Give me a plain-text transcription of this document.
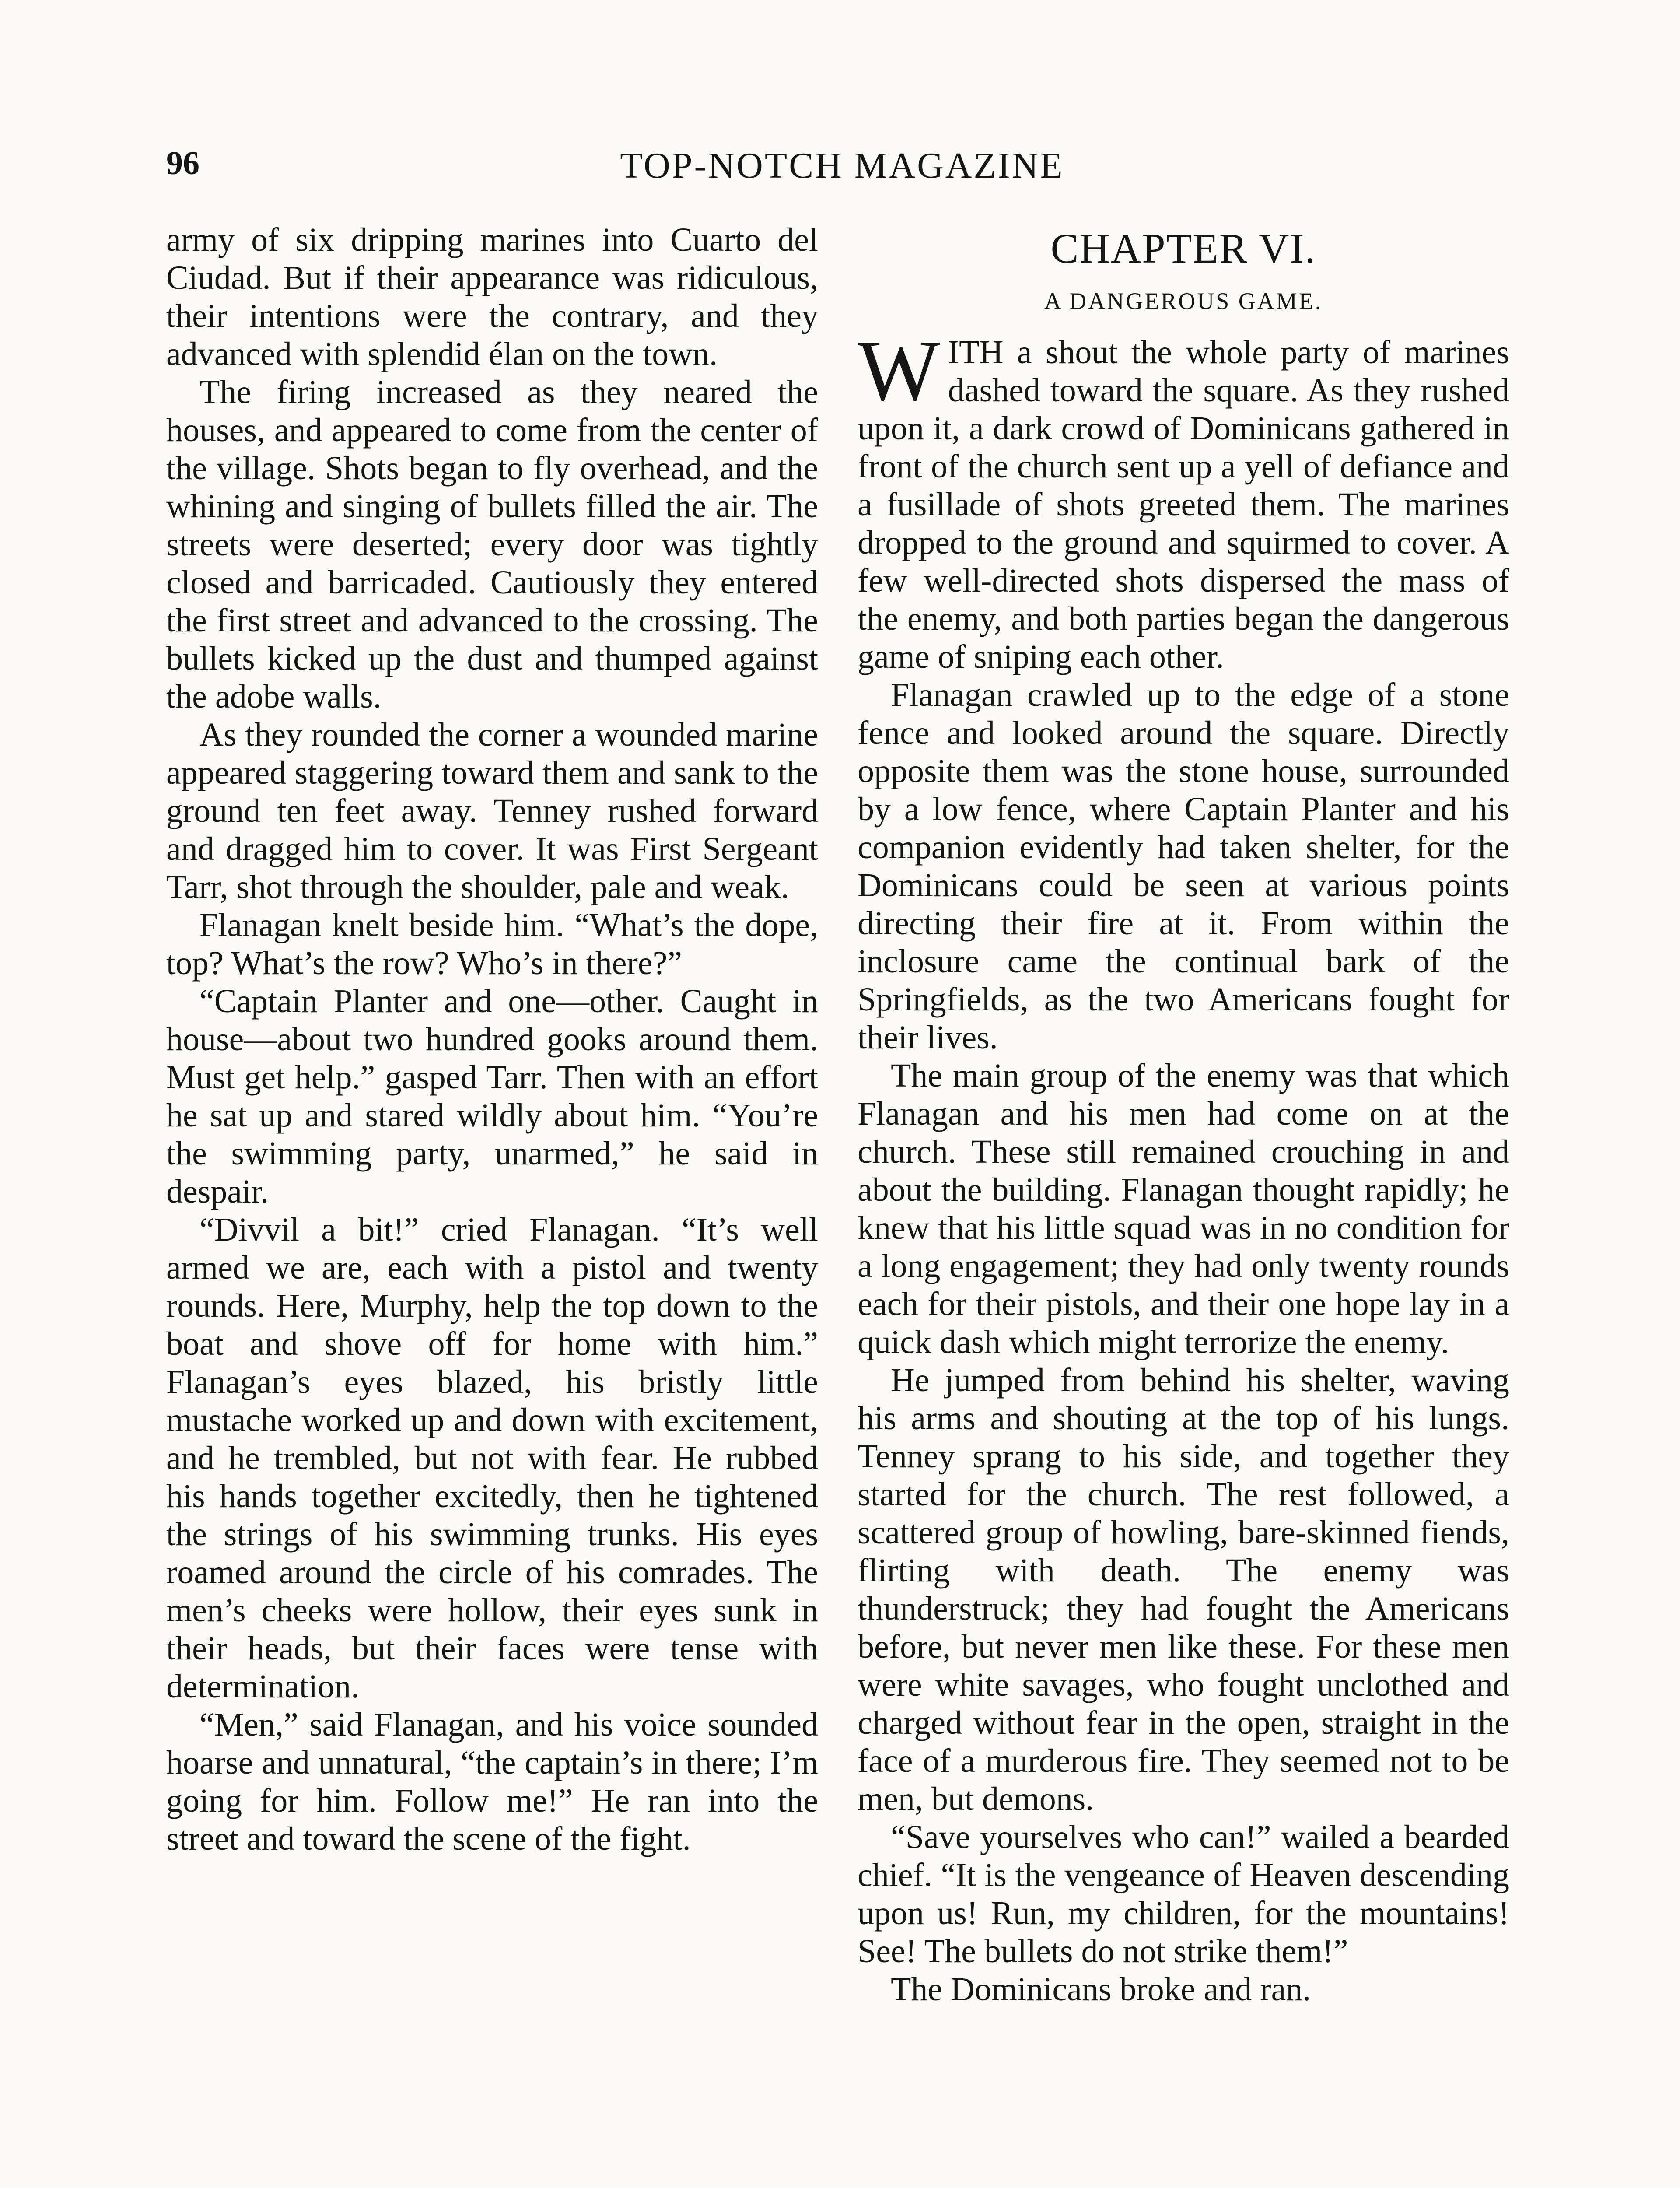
96	TOP-NOTCH MAGAZINE

army of six dripping marines into Cuarto del Ciudad. But if their appearance was ridiculous, their intentions were the contrary, and they advanced with splendid élan on the town.

The firing increased as they neared the houses, and appeared to come from the center of the village. Shots began to fly overhead, and the whining and singing of bullets filled the air. The streets were deserted; every door was tightly closed and barricaded. Cautiously they entered the first street and advanced to the crossing. The bullets kicked up the dust and thumped against the adobe walls.

As they rounded the corner a wounded marine appeared staggering toward them and sank to the ground ten feet away. Tenney rushed forward and dragged him to cover. It was First Sergeant Tarr, shot through the shoulder, pale and weak.

Flanagan knelt beside him. “What’s the dope, top? What’s the row? Who’s in there?”

“Captain Planter and one—other. Caught in house—about two hundred gooks around them. Must get help.” gasped Tarr. Then with an effort he sat up and stared wildly about him. “You’re the swimming party, unarmed,” he said in despair.

“Divvil a bit!” cried Flanagan. “It’s well armed we are, each with a pistol and twenty rounds. Here, Murphy, help the top down to the boat and shove off for home with him.” Flanagan’s eyes blazed, his bristly little mustache worked up and down with excitement, and he trembled, but not with fear. He rubbed his hands together excitedly, then he tightened the strings of his swimming trunks. His eyes roamed around the circle of his comrades. The men’s cheeks were hollow, their eyes sunk in their heads, but their faces were tense with determination.

“Men,” said Flanagan, and his voice sounded hoarse and unnatural, “the captain’s in there; I’m going for him. Follow me!” He ran into the street and toward the scene of the fight.

CHAPTER VI.
A DANGEROUS GAME.

WITH a shout the whole party of marines dashed toward the square. As they rushed upon it, a dark crowd of Dominicans gathered in front of the church sent up a yell of defiance and a fusillade of shots greeted them. The marines dropped to the ground and squirmed to cover. A few well-directed shots dispersed the mass of the enemy, and both parties began the dangerous game of sniping each other.

Flanagan crawled up to the edge of a stone fence and looked around the square. Directly opposite them was the stone house, surrounded by a low fence, where Captain Planter and his companion evidently had taken shelter, for the Dominicans could be seen at various points directing their fire at it. From within the inclosure came the continual bark of the Springfields, as the two Americans fought for their lives.

The main group of the enemy was that which Flanagan and his men had come on at the church. These still remained crouching in and about the building. Flanagan thought rapidly; he knew that his little squad was in no condition for a long engagement; they had only twenty rounds each for their pistols, and their one hope lay in a quick dash which might terrorize the enemy.

He jumped from behind his shelter, waving his arms and shouting at the top of his lungs. Tenney sprang to his side, and together they started for the church. The rest followed, a scattered group of howling, bare-skinned fiends, flirting with death. The enemy was thunderstruck; they had fought the Americans before, but never men like these. For these men were white savages, who fought unclothed and charged without fear in the open, straight in the face of a murderous fire. They seemed not to be men, but demons.

“Save yourselves who can!” wailed a bearded chief. “It is the vengeance of Heaven descending upon us! Run, my children, for the mountains! See! The bullets do not strike them!”

The Dominicans broke and ran.
